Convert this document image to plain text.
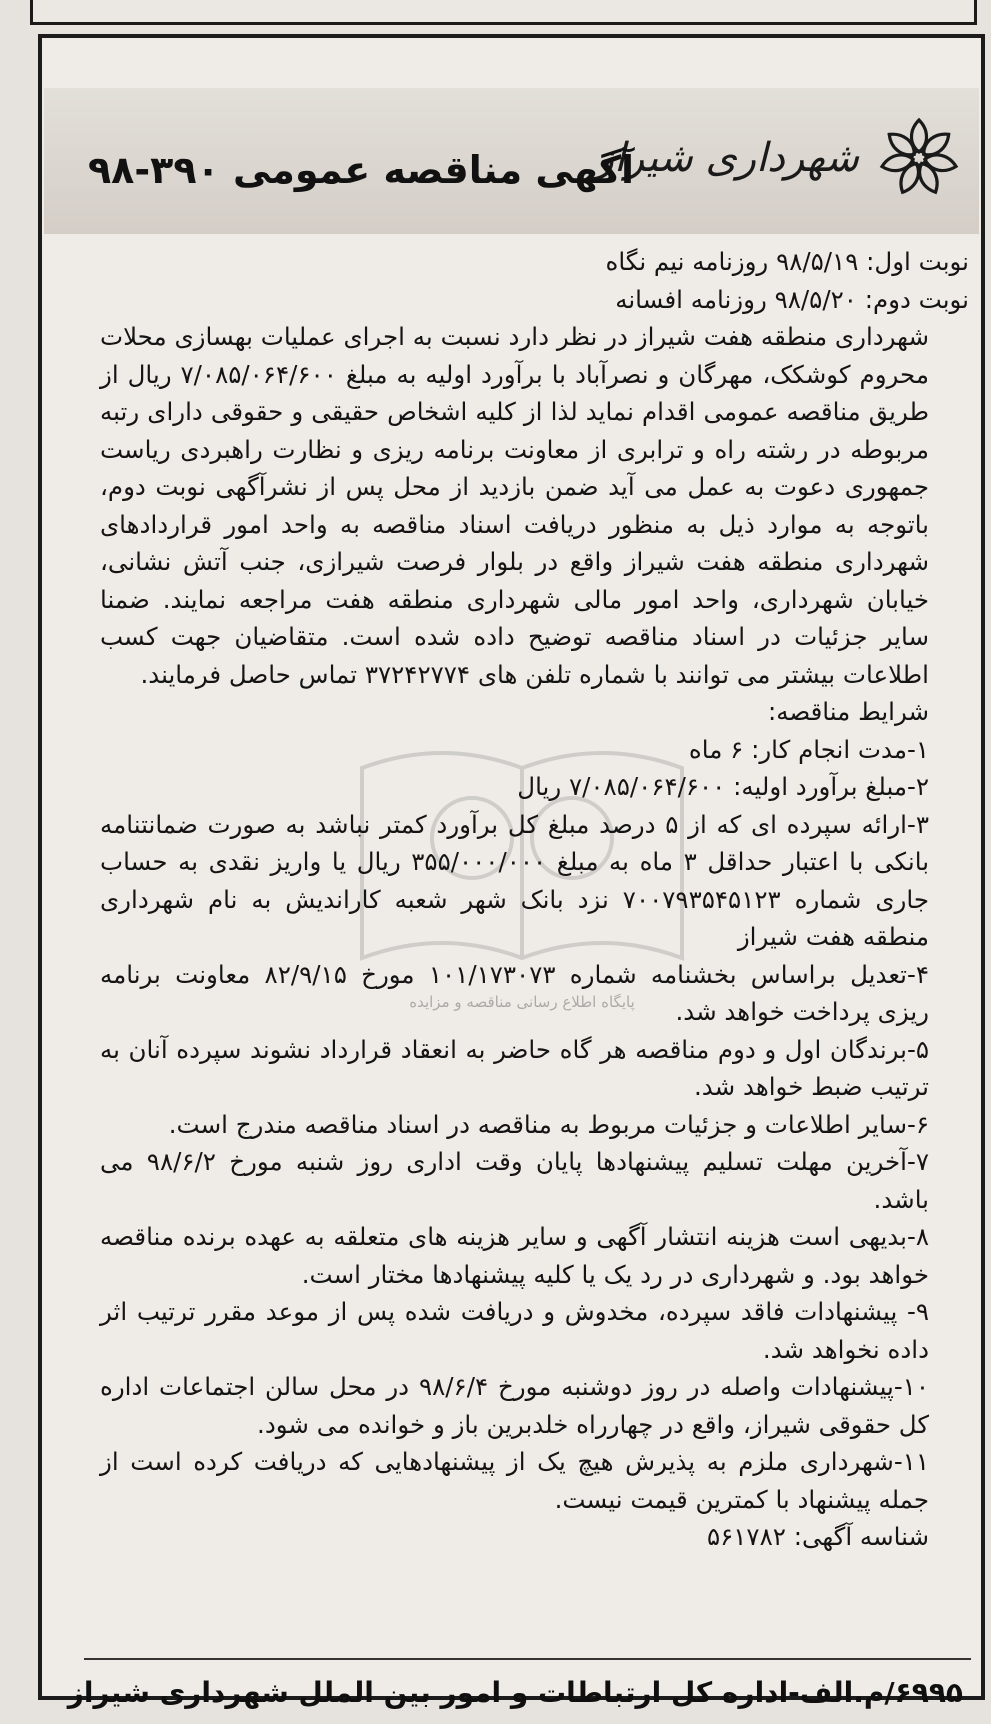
شهرداری شیراز
آگهی مناقصه عمومی ۳۹۰-۹۸
پایگاه اطلاع رسانی مناقصه و مزایده

نوبت اول: ۹۸/۵/۱۹ روزنامه نیم نگاه

نوبت دوم: ۹۸/۵/۲۰ روزنامه افسانه

شهرداری منطقه هفت شیراز در نظر دارد نسبت به اجرای عملیات بهسازی محلات محروم کوشکک، مهرگان و نصرآباد با برآورد اولیه به مبلغ ۷/۰۸۵/۰۶۴/۶۰۰ ریال از طریق مناقصه عمومی اقدام نماید لذا از کلیه اشخاص حقیقی و حقوقی دارای رتبه مربوطه در رشته راه و ترابری از معاونت برنامه ریزی و نظارت راهبردی ریاست جمهوری دعوت به عمل می آید ضمن بازدید از محل پس از نشرآگهی نوبت دوم، باتوجه به موارد ذیل به منظور دریافت اسناد مناقصه به واحد امور قراردادهای شهرداری منطقه هفت شیراز واقع در بلوار فرصت شیرازی، جنب آتش نشانی، خیابان شهرداری، واحد امور مالی شهرداری منطقه هفت مراجعه نمایند. ضمنا سایر جزئیات در اسناد مناقصه توضیح داده شده است. متقاضیان جهت کسب اطلاعات بیشتر می توانند با شماره تلفن های ۳۷۲۴۲۷۷۴ تماس حاصل فرمایند.

شرایط مناقصه:

۱-مدت انجام کار: ۶ ماه

۲-مبلغ برآورد اولیه: ۷/۰۸۵/۰۶۴/۶۰۰ ریال

۳-ارائه سپرده ای که از ۵ درصد مبلغ کل برآورد کمتر نباشد به صورت ضمانتنامه بانکی با اعتبار حداقل ۳ ماه به مبلغ ۳۵۵/۰۰۰/۰۰۰ ریال یا واریز نقدی به حساب جاری شماره ۷۰۰۷۹۳۵۴۵۱۲۳ نزد بانک شهر شعبه کاراندیش به نام شهرداری منطقه هفت شیراز

۴-تعدیل براساس بخشنامه شماره ۱۰۱/۱۷۳۰۷۳ مورخ ۸۲/۹/۱۵ معاونت برنامه ریزی پرداخت خواهد شد.

۵-برندگان اول و دوم مناقصه هر گاه حاضر به انعقاد قرارداد نشوند سپرده آنان به ترتیب ضبط خواهد شد.

۶-سایر اطلاعات و جزئیات مربوط به مناقصه در اسناد مناقصه مندرج است.

۷-آخرین مهلت تسلیم پیشنهادها پایان وقت اداری روز شنبه مورخ ۹۸/۶/۲ می باشد.

۸-بدیهی است هزینه انتشار آگهی و سایر هزینه های متعلقه به عهده برنده مناقصه خواهد بود. و شهرداری در رد یک یا کلیه پیشنهادها مختار است.

۹- پیشنهادات فاقد سپرده، مخدوش و دریافت شده پس از موعد مقرر ترتیب اثر داده نخواهد شد.

۱۰-پیشنهادات واصله در روز دوشنبه مورخ ۹۸/۶/۴ در محل سالن اجتماعات اداره کل حقوقی شیراز، واقع در چهارراه خلدبرین باز و خوانده می شود.

۱۱-شهرداری ملزم به پذیرش هیچ یک از پیشنهادهایی که دریافت کرده است از جمله پیشنهاد با کمترین قیمت نیست.

شناسه آگهی: ۵۶۱۷۸۲

۶۹۹۵/م.الف-اداره کل ارتباطات و امور بین الملل شهرداری شیراز
